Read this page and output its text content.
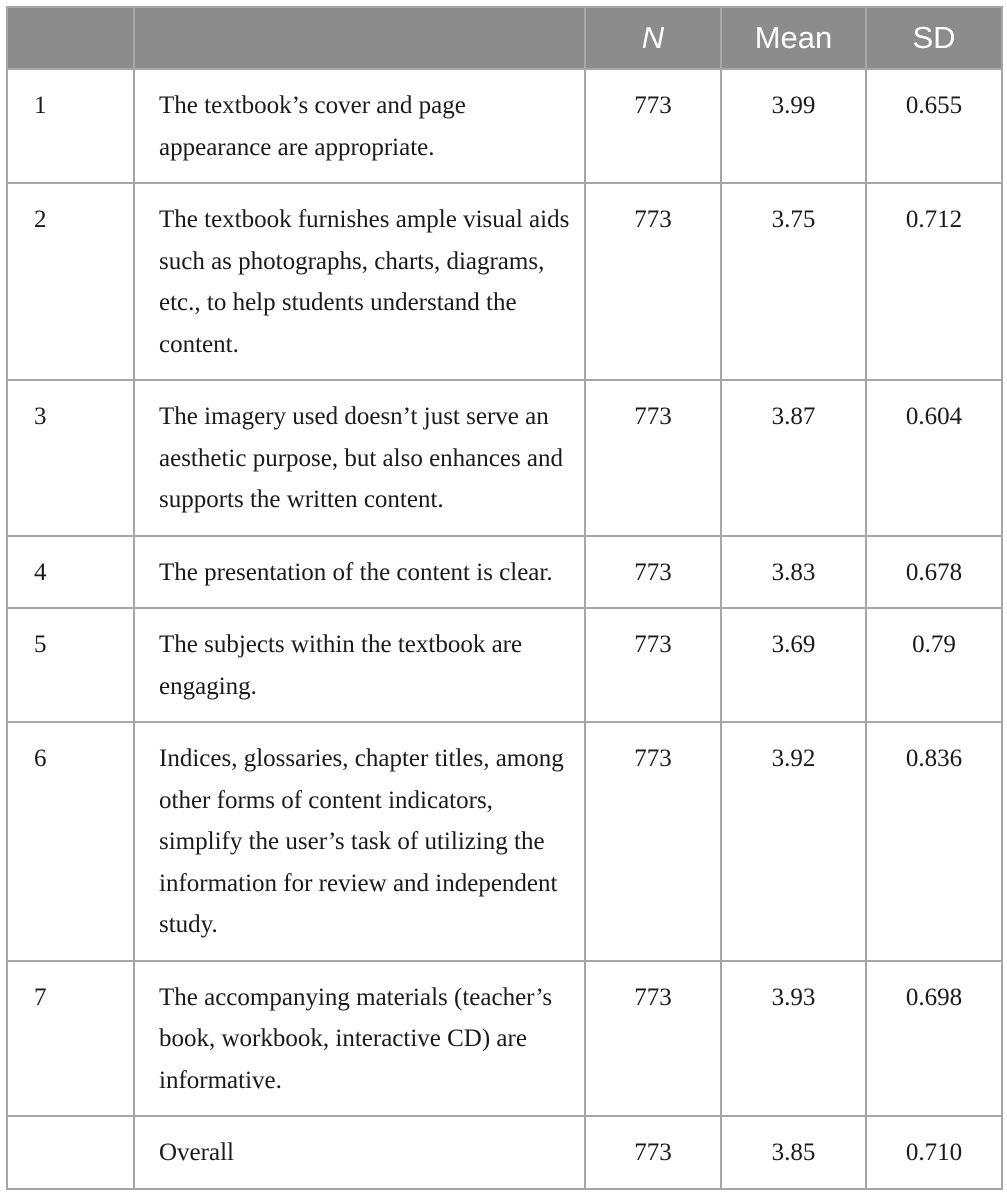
		N	Mean	SD
1	The textbook’s cover and page appearance are appropriate.	773	3.99	0.655
2	The textbook furnishes ample visual aids such as photographs, charts, diagrams, etc., to help students understand the content.	773	3.75	0.712
3	The imagery used doesn’t just serve an aesthetic purpose, but also enhances and supports the written content.	773	3.87	0.604
4	The presentation of the content is clear.	773	3.83	0.678
5	The subjects within the textbook are engaging.	773	3.69	0.79
6	Indices, glossaries, chapter titles, among other forms of content indicators, simplify the user’s task of utilizing the information for review and independent study.	773	3.92	0.836
7	The accompanying materials (teacher’s book, workbook, interactive CD) are informative.	773	3.93	0.698
	Overall	773	3.85	0.710
